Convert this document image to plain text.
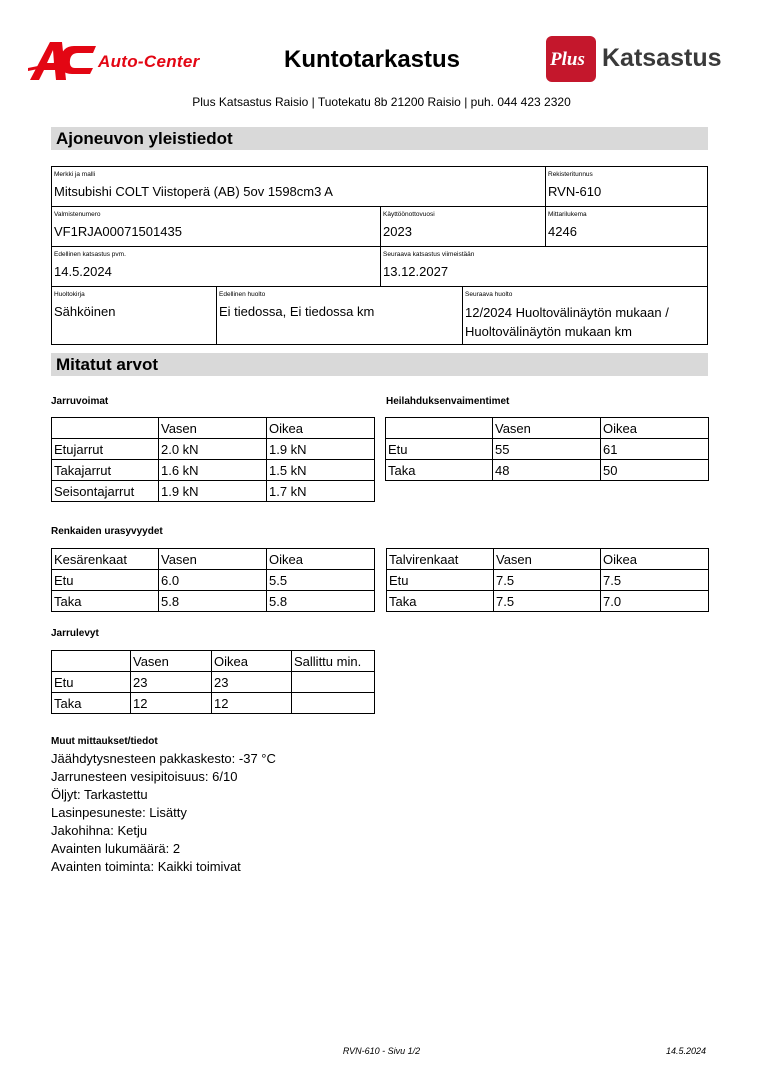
Auto-Center	Kuntotarkastus	Plus Katsastus
Plus Katsastus Raisio | Tuotekatu 8b 21200 Raisio | puh. 044 423 2320
Ajoneuvon yleistiedot
Merkki ja malli
Mitsubishi COLT Viistoperä (AB) 5ov 1598cm3 A
Rekisteritunnus
RVN-610
Valmistenumero
VF1RJA00071501435
Käyttöönottovuosi
2023
Mittarilukema
4246
Edellinen katsastus pvm.
14.5.2024
Seuraava katsastus viimeistään
13.12.2027
Huoltokirja
Sähköinen
Edellinen huolto
Ei tiedossa, Ei tiedossa km
Seuraava huolto
12/2024 Huoltovälinäytön mukaan /
Huoltovälinäytön mukaan km
Mitatut arvot
Jarruvoimat
	Vasen	Oikea
Etujarrut	2.0 kN	1.9 kN
Takajarrut	1.6 kN	1.5 kN
Seisontajarrut	1.9 kN	1.7 kN
Heilahduksenvaimentimet
	Vasen	Oikea
Etu	55	61
Taka	48	50
Renkaiden urasyvyydet
Kesärenkaat	Vasen	Oikea
Etu	6.0	5.5
Taka	5.8	5.8
Talvirenkaat	Vasen	Oikea
Etu	7.5	7.5
Taka	7.5	7.0
Jarrulevyt
	Vasen	Oikea	Sallittu min.
Etu	23	23	
Taka	12	12	
Muut mittaukset/tiedot
Jäähdytysnesteen pakkaskesto: -37 °C
Jarrunesteen vesipitoisuus: 6/10
Öljyt: Tarkastettu
Lasinpesuneste: Lisätty
Jakohihna: Ketju
Avainten lukumäärä: 2
Avainten toiminta: Kaikki toimivat
RVN-610 - Sivu 1/2	14.5.2024
